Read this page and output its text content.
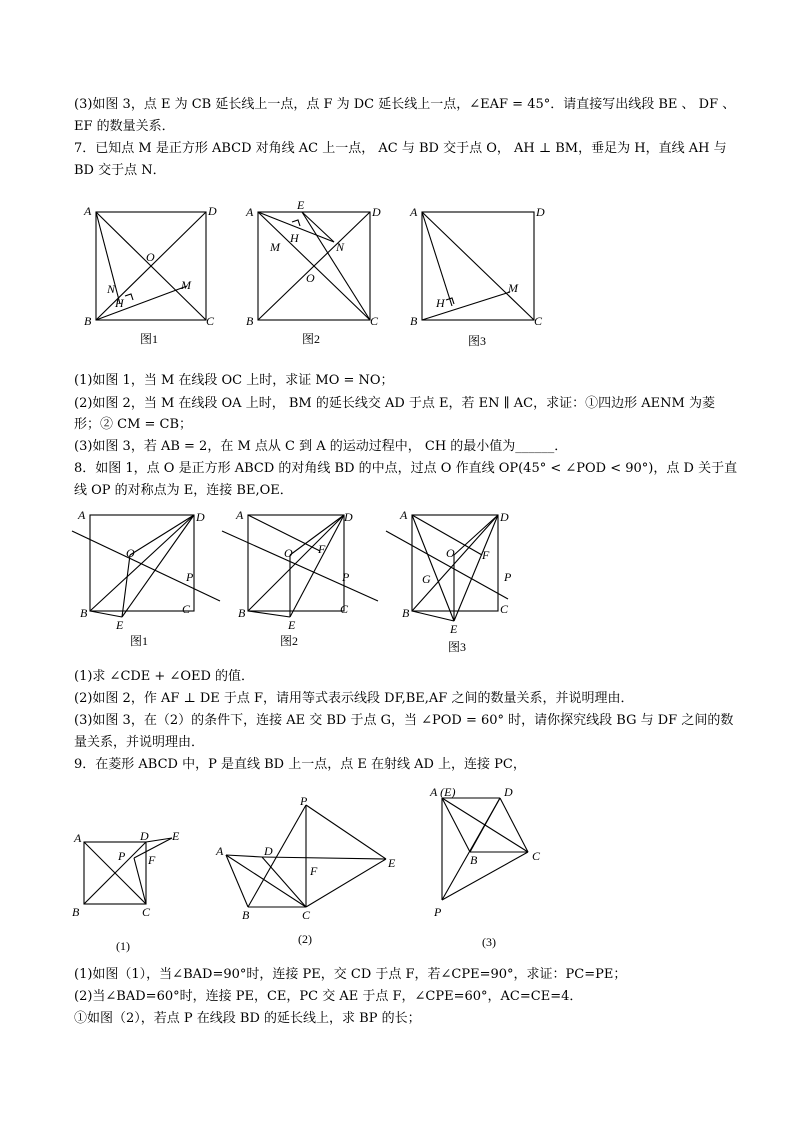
(3)如图 3，点 E 为 CB 延长线上一点，点 F 为 DC 延长线上一点，∠EAF = 45°．请直接写出线段 BE 、 DF 、
EF 的数量关系．
7．已知点 M 是正方形 ABCD 对角线 AC 上一点， AC 与 BD 交于点 O， AH ⊥ BM，垂足为 H，直线 AH 与
BD 交于点 N．
A	D
O
N
H
M
B	C
图1
A	E	D
H
M	N
O
B	C
图2
A	D
H
M
B	C
图3
(1)如图 1，当 M 在线段 OC 上时，求证 MO = NO；
(2)如图 2，当 M 在线段 OA 上时， BM 的延长线交 AD 于点 E，若 EN ∥ AC，求证：①四边形 AENM 为菱
形；② CM = CB；
(3)如图 3，若 AB = 2，在 M 点从 C 到 A 的运动过程中， CH 的最小值为______．
8．如图 1，点 O 是正方形 ABCD 的对角线 BD 的中点，过点 O 作直线 OP(45° < ∠POD < 90°)，点 D 关于直
线 OP 的对称点为 E，连接 BE,OE．
A	D
O
P
B	C
E
图1
A	D
O F
P
B	C
E
图2
A	D
O F
G	P
B	C
E
图3
(1)求 ∠CDE + ∠OED 的值．
(2)如图 2，作 AF ⊥ DE 于点 F，请用等式表示线段 DF,BE,AF 之间的数量关系，并说明理由．
(3)如图 3，在（2）的条件下，连接 AE 交 BD 于点 G，当 ∠POD = 60° 时，请你探究线段 BG 与 DF 之间的数
量关系，并说明理由．
9．在菱形 ABCD 中，P 是直线 BD 上一点，点 E 在射线 AD 上，连接 PC，
A	D E
P F
B	C
(1)
P
A	D
F
E
B	C
(2)
A (E)	D
B	C
P
(3)
(1)如图（1），当∠BAD=90°时，连接 PE，交 CD 于点 F，若∠CPE=90°，求证：PC=PE；
(2)当∠BAD=60°时，连接 PE，CE，PC 交 AE 于点 F，∠CPE=60°，AC=CE=4．
①如图（2），若点 P 在线段 BD 的延长线上，求 BP 的长；
